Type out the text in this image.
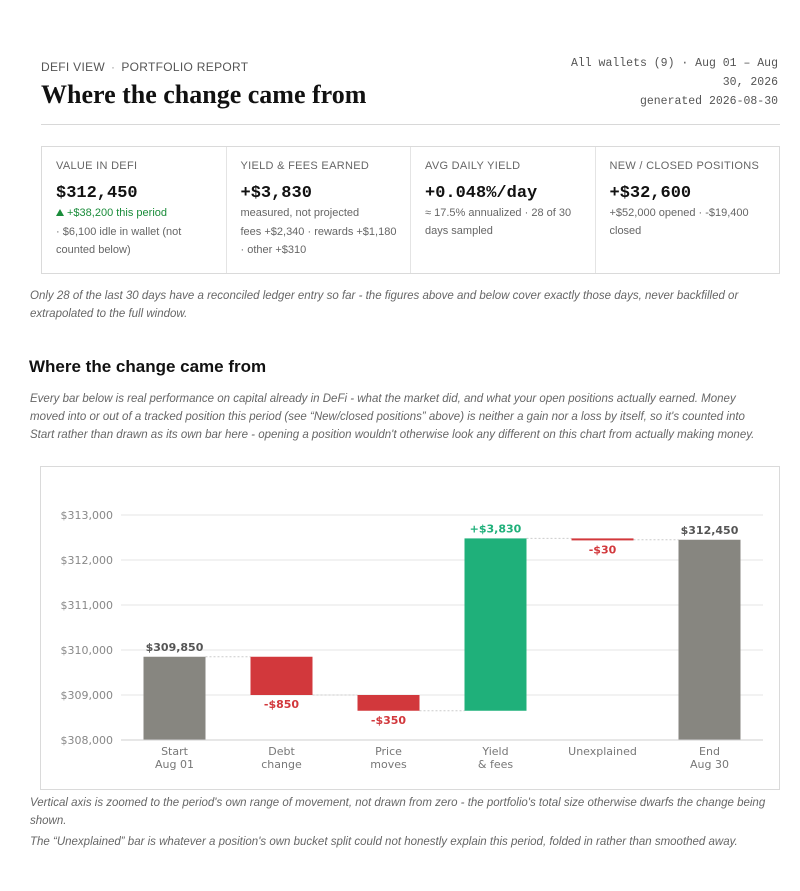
DEFI VIEW · PORTFOLIO REPORT
Where the change came from
All wallets (9) · Aug 01 – Aug
30, 2026
generated 2026-08-30
VALUE IN DEFI
$312,450
+$38,200 this period
· $6,100 idle in wallet (not counted below)
YIELD & FEES EARNED
+$3,830
measured, not projected
fees +$2,340 · rewards +$1,180 · other +$310
AVG DAILY YIELD
+0.048%/day
≈ 17.5% annualized · 28 of 30 days sampled
NEW / CLOSED POSITIONS
+$32,600
+$52,000 opened · -$19,400 closed
Only 28 of the last 30 days have a reconciled ledger entry so far - the figures above and below cover exactly those days, never backfilled or extrapolated to the full window.
Where the change came from
Every bar below is real performance on capital already in DeFi - what the market did, and what your open positions actually earned. Money moved into or out of a tracked position this period (see “New/closed positions” above) is neither a gain nor a loss by itself, so it's counted into Start rather than drawn as its own bar here - opening a position wouldn't otherwise look any different on this chart from actually making money.
$308,000
$309,000
$310,000
$311,000
$312,000
$313,000
$309,850
Start
Aug 01
-$850
Debt
change
-$350
Price
moves
+$3,830
Yield
& fees
-$30
Unexplained
$312,450
End
Aug 30
Vertical axis is zoomed to the period's own range of movement, not drawn from zero - the portfolio's total size otherwise dwarfs the change being shown.
The “Unexplained” bar is whatever a position's own bucket split could not honestly explain this period, folded in rather than smoothed away.
